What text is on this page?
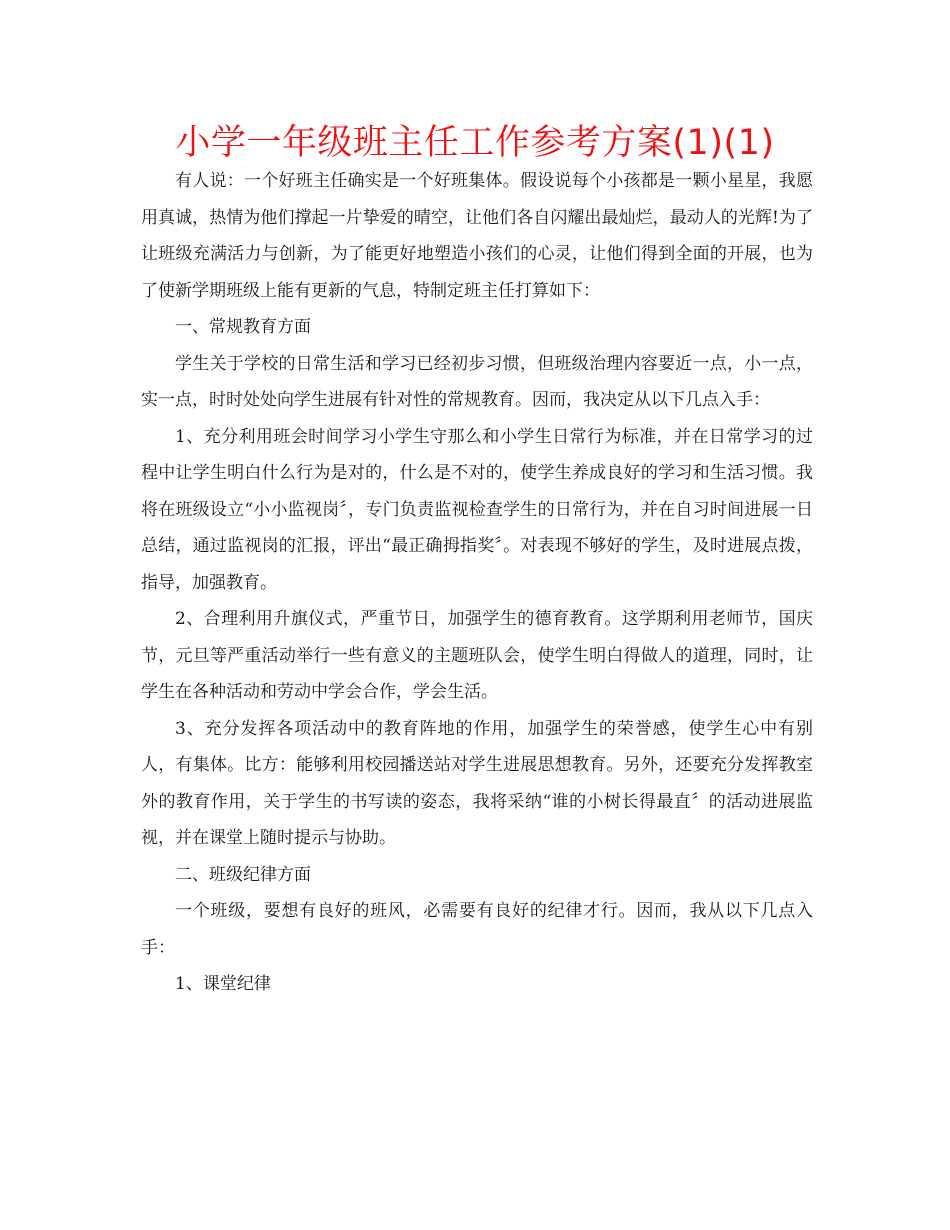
小学一年级班主任工作参考方案(1)(1)

有人说：一个好班主任确实是一个好班集体。假设说每个小孩都是一颗小星星，我愿用真诚，热情为他们撑起一片挚爱的晴空，让他们各自闪耀出最灿烂，最动人的光辉!为了让班级充满活力与创新，为了能更好地塑造小孩们的心灵，让他们得到全面的开展，也为了使新学期班级上能有更新的气息，特制定班主任打算如下：

一、常规教育方面

学生关于学校的日常生活和学习已经初步习惯，但班级治理内容要近一点，小一点，实一点，时时处处向学生进展有针对性的常规教育。因而，我决定从以下几点入手：

1、充分利用班会时间学习小学生守那么和小学生日常行为标准，并在日常学习的过程中让学生明白什么行为是对的，什么是不对的，使学生养成良好的学习和生活习惯。我将在班级设立“小小监视岗〞，专门负责监视检查学生的日常行为，并在自习时间进展一日总结，通过监视岗的汇报，评出“最正确拇指奖〞。对表现不够好的学生，及时进展点拨，指导，加强教育。

2、合理利用升旗仪式，严重节日，加强学生的德育教育。这学期利用老师节，国庆节，元旦等严重活动举行一些有意义的主题班队会，使学生明白得做人的道理，同时，让学生在各种活动和劳动中学会合作，学会生活。

3、充分发挥各项活动中的教育阵地的作用，加强学生的荣誉感，使学生心中有别人，有集体。比方：能够利用校园播送站对学生进展思想教育。另外，还要充分发挥教室外的教育作用，关于学生的书写读的姿态，我将采纳“谁的小树长得最直〞的活动进展监视，并在课堂上随时提示与协助。

二、班级纪律方面

一个班级，要想有良好的班风，必需要有良好的纪律才行。因而，我从以下几点入手：

1、课堂纪律
